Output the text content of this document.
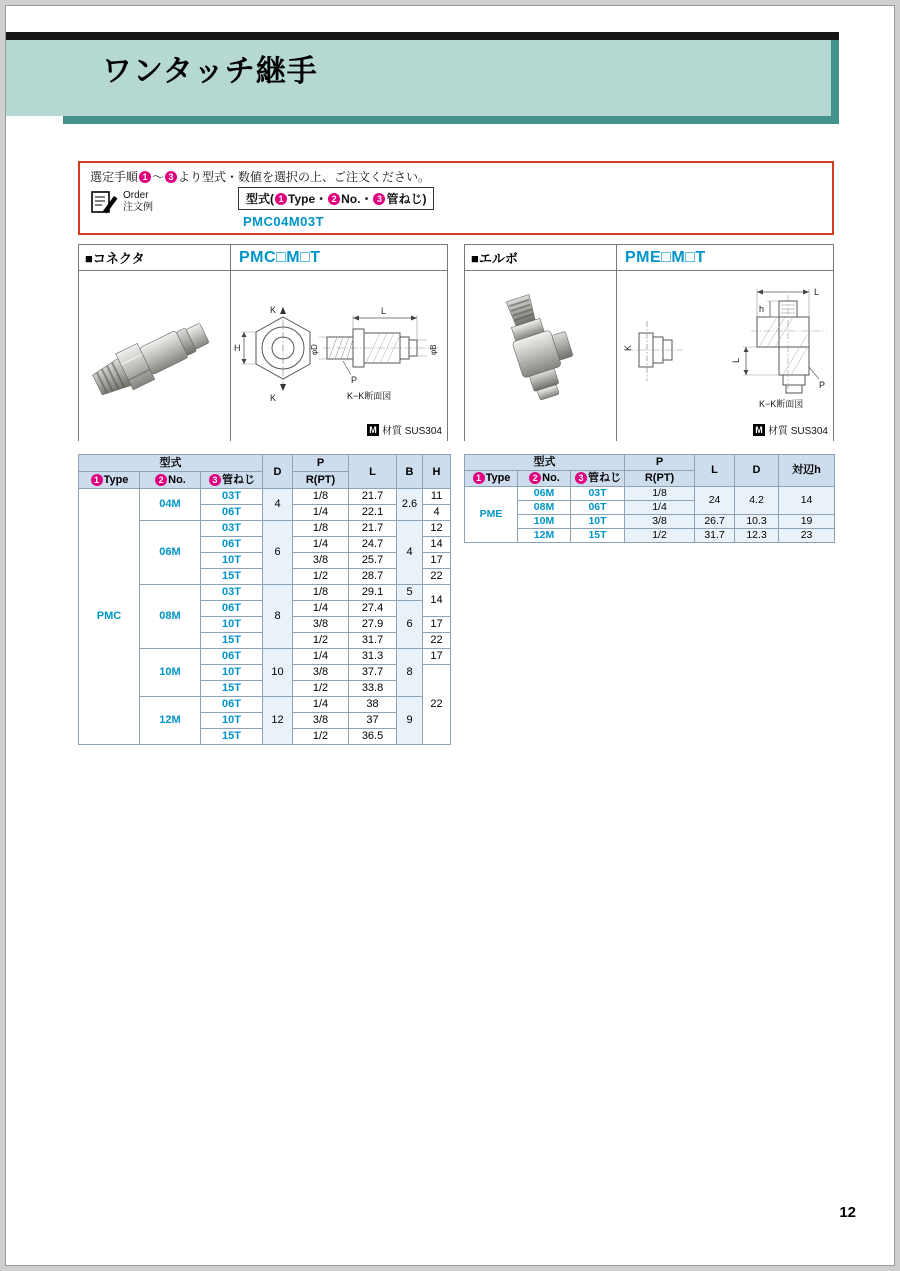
ワンタッチ継手
選定手順 1 〜 3 より型式・数値を選択の上、ご注文ください。
Order
注文例
型式( 1 Type・ 2 No.・ 3 管ねじ)
PMC04M03T
■コネクタ	PMC□M□T
K
K
H
L
φD	φB
P
K−K断面図
M 材質 SUS304
■エルボ	PME□M□T
K
L
h
L
P
K−K断面図
M 材質 SUS304
型式			D	P	L	B	H
1 Type	2 No.	3 管ねじ		R(PT)			
PMC	04M	03T	4	1/8	21.7	2.6	11
		06T		1/4	22.1		4
	06M	03T	6	1/8	21.7	4	12
		06T		1/4	24.7		14
		10T		3/8	25.7		17
		15T		1/2	28.7		22
	08M	03T	8	1/8	29.1	5	14
		06T		1/4	27.4	6	
		10T		3/8	27.9		17
		15T		1/2	31.7		22
	10M	06T	10	1/4	31.3	8	17
		10T		3/8	37.7		22
		15T		1/2	33.8		
	12M	06T	12	1/4	38	9	
		10T		3/8	37		
		15T		1/2	36.5		
型式			P	L	D	対辺h
1 Type	2 No.	3 管ねじ	R(PT)			
PME	06M	03T	1/8	24	4.2	14
	08M	06T	1/4			
	10M	10T	3/8	26.7	10.3	19
	12M	15T	1/2	31.7	12.3	23
12
